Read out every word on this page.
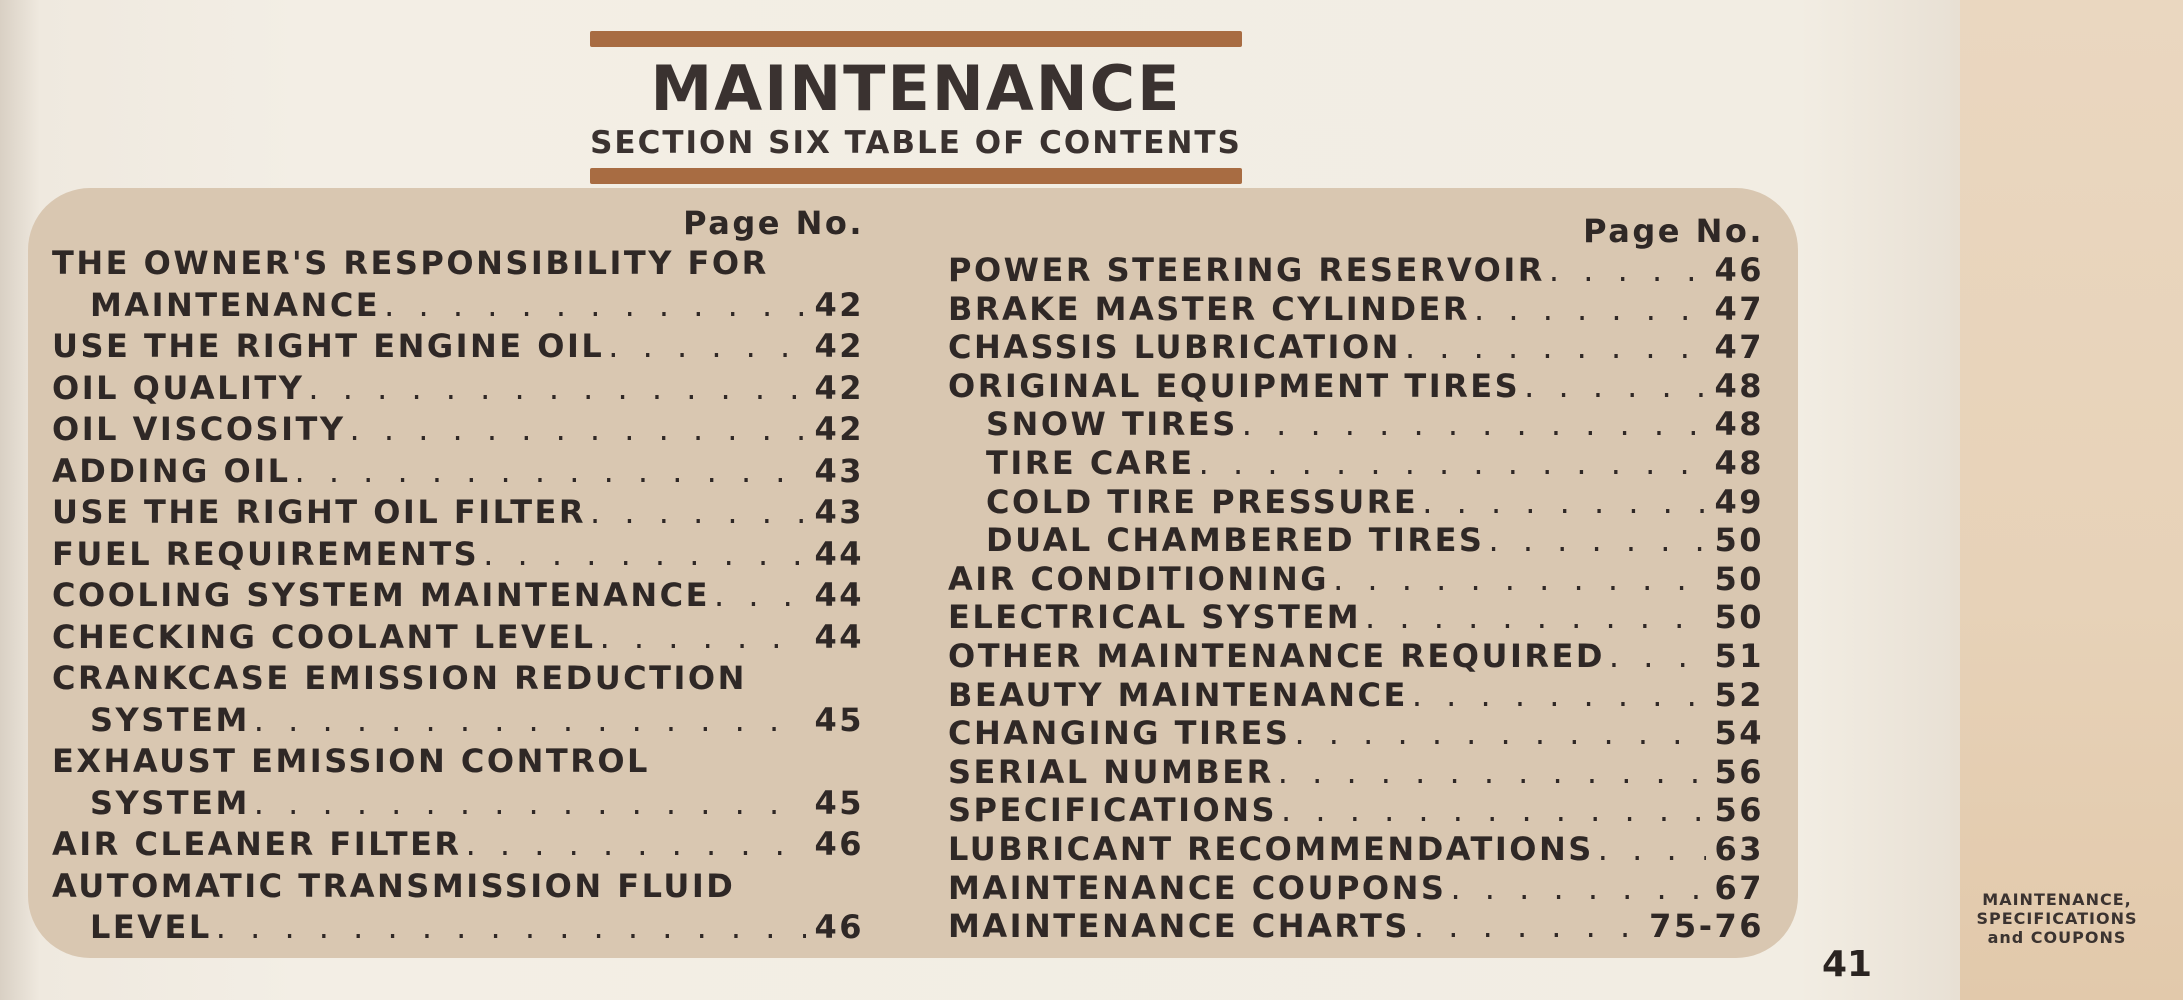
MAINTENANCE
SECTION SIX TABLE OF CONTENTS
Page No.
THE OWNER'S RESPONSIBILITY FOR
MAINTENANCE . . .	42
USE THE RIGHT ENGINE OIL . . .	42
OIL QUALITY . . .	42
OIL VISCOSITY . . .	42
ADDING OIL . . .	43
USE THE RIGHT OIL FILTER . . .	43
FUEL REQUIREMENTS . . .	44
COOLING SYSTEM MAINTENANCE . . .	44
CHECKING COOLANT LEVEL . . .	44
CRANKCASE EMISSION REDUCTION
SYSTEM . . .	45
EXHAUST EMISSION CONTROL
SYSTEM . . .	45
AIR CLEANER FILTER . . .	46
AUTOMATIC TRANSMISSION FLUID
LEVEL . . .	46
Page No.
POWER STEERING RESERVOIR . . .	46
BRAKE MASTER CYLINDER . . .	47
CHASSIS LUBRICATION . . .	47
ORIGINAL EQUIPMENT TIRES . . .	48
SNOW TIRES . . .	48
TIRE CARE . . .	48
COLD TIRE PRESSURE . . .	49
DUAL CHAMBERED TIRES . . .	50
AIR CONDITIONING . . .	50
ELECTRICAL SYSTEM . . .	50
OTHER MAINTENANCE REQUIRED . . .	51
BEAUTY MAINTENANCE . . .	52
CHANGING TIRES . . .	54
SERIAL NUMBER . . .	56
SPECIFICATIONS . . .	56
LUBRICANT RECOMMENDATIONS . . .	63
MAINTENANCE COUPONS . . .	67
MAINTENANCE CHARTS . . .	75-76
41
MAINTENANCE,
SPECIFICATIONS
and COUPONS
